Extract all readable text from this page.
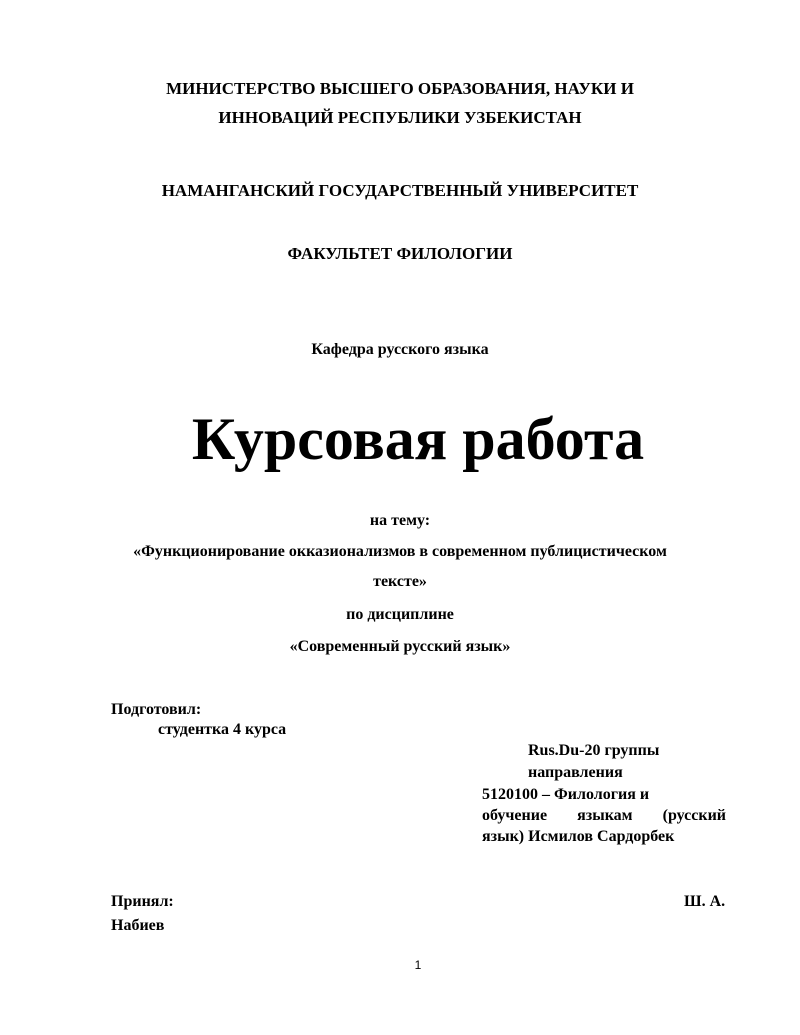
МИНИСТЕРСТВО ВЫСШЕГО ОБРАЗОВАНИЯ, НАУКИ И
ИННОВАЦИЙ РЕСПУБЛИКИ УЗБЕКИСТАН
НАМАНГАНСКИЙ ГОСУДАРСТВЕННЫЙ УНИВЕРСИТЕТ
ФАКУЛЬТЕТ ФИЛОЛОГИИ
Кафедра русского языка
Курсовая работа
на тему:
«Функционирование окказионализмов в современном публицистическом
тексте»
по дисциплине
«Современный русский язык»
Подготовил:
студентка 4 курса
Rus.Du-20 группы
направления
5120100 – Филология и
обучение языкам (русский
язык) Исмилов Сардорбек
Принял:	Ш. А.
Набиев
1
